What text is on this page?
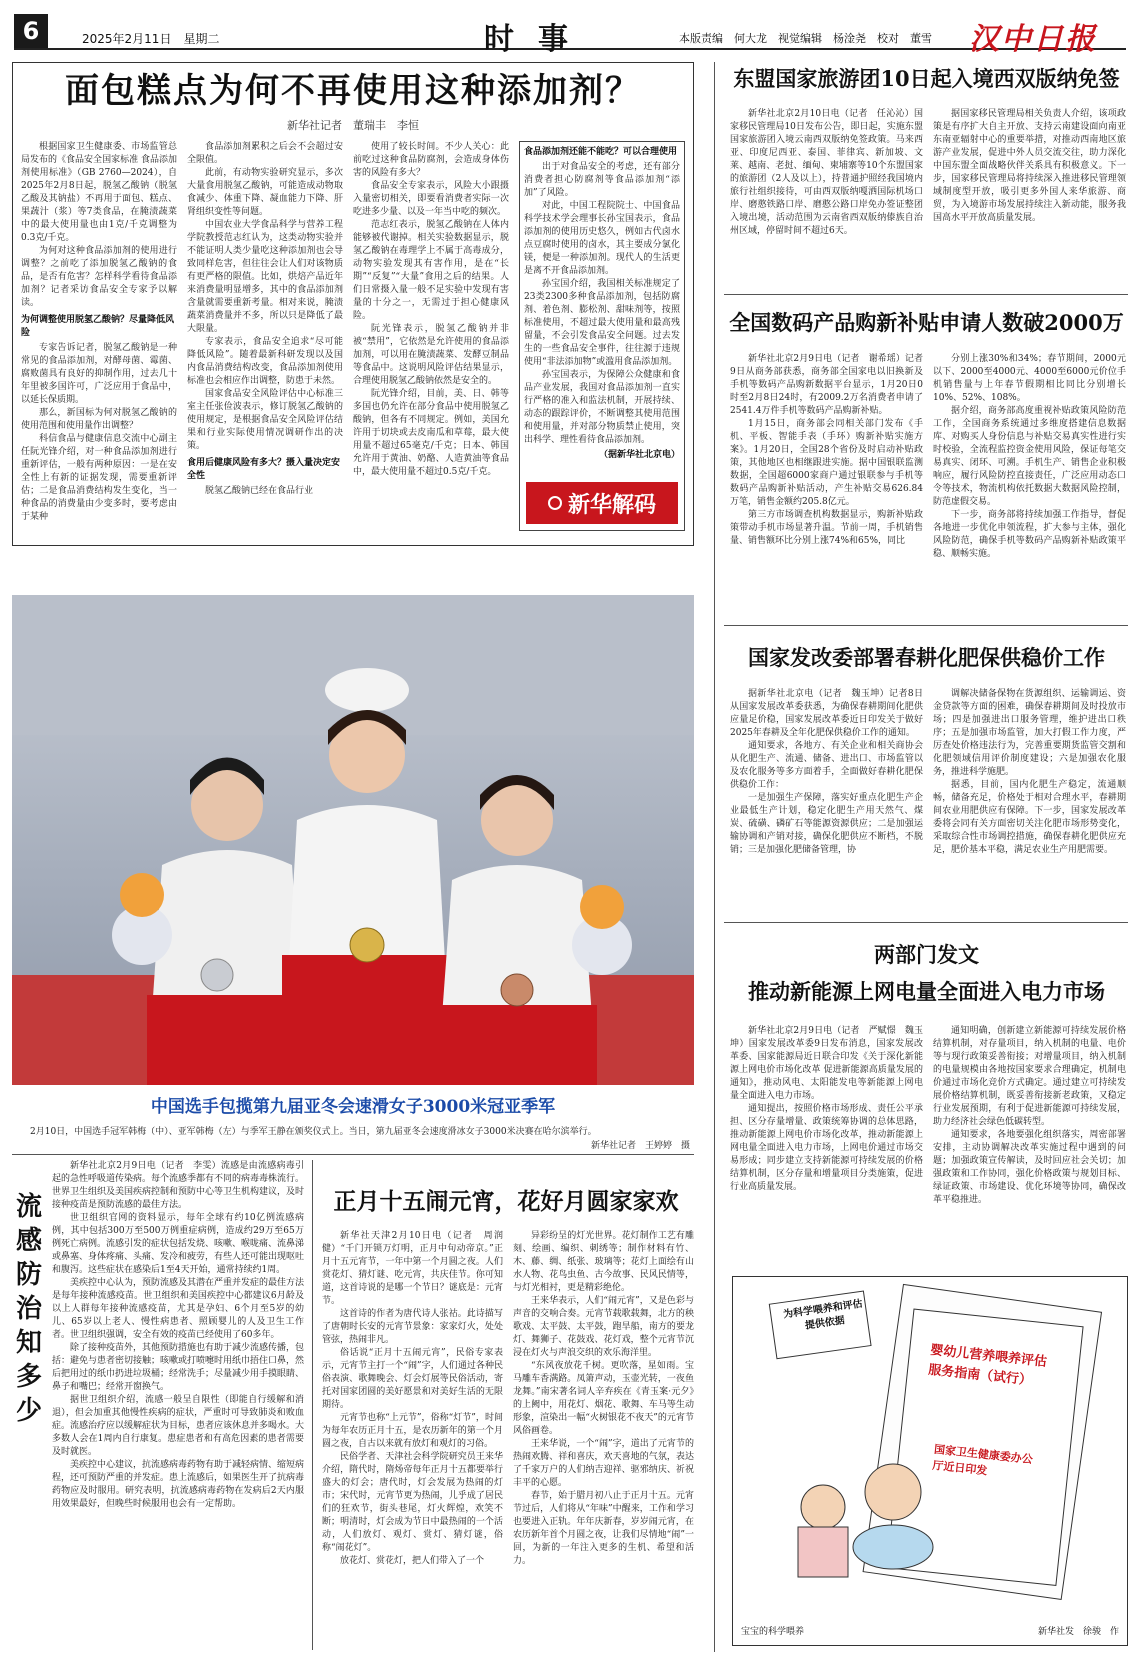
6	2025年2月11日　星期二	时事	本版责编　何大龙　视觉编辑　杨淦尧　校对　董雪 汉中日报
面包糕点为何不再使用这种添加剂？
新华社记者　董瑞丰　李恒

根据国家卫生健康委、市场监管总局发布的《食品安全国家标准 食品添加剂使用标准》（GB 2760—2024），自2025年2月8日起，脱氢乙酸钠（脱氢乙酸及其钠盐）不再用于面包、糕点、果蔬汁（浆）等7类食品，在腌渍蔬菜中的最大使用量也由1克/千克调整为0.3克/千克。

为何对这种食品添加剂的使用进行调整？之前吃了添加脱氢乙酸钠的食品，是否有危害？怎样科学看待食品添加剂？记者采访食品安全专家予以解读。

为何调整使用脱氢乙酸钠？尽量降低风险

专家告诉记者，脱氢乙酸钠是一种常见的食品添加剂，对酵母菌、霉菌、腐败菌具有良好的抑制作用，过去几十年里被多国许可，广泛应用于食品中，以延长保质期。

那么，新国标为何对脱氢乙酸钠的使用范围和使用量作出调整？

科信食品与健康信息交流中心副主任阮光锋介绍，对一种食品添加剂进行重新评估，一般有两种原因：一是在安全性上有新的证据发现，需要重新评估；二是食品消费结构发生变化，当一种食品的消费量由少变多时，要考虑由于某种

食品添加剂累积之后会不会超过安全限值。

此前，有动物实验研究显示，多次大量食用脱氢乙酸钠，可能造成动物取食减少、体重下降、凝血能力下降、肝肾组织变性等问题。

中国农业大学食品科学与营养工程学院教授范志红认为，这类动物实验并不能证明人类少量吃这种添加剂也会导致同样危害，但往往会让人们对该物质有更严格的限值。比如，烘焙产品近年来消费量明显增多，其中的食品添加剂含量就需要重新考量。相对来说，腌渍蔬菜消费量并不多，所以只是降低了最大限量。

专家表示，食品安全追求“尽可能降低风险”。随着最新科研发现以及国内食品消费结构改变，食品添加剂使用标准也会相应作出调整，防患于未然。

国家食品安全风险评估中心标准三室主任张俭波表示，修订脱氢乙酸钠的使用规定，是根据食品安全风险评估结果和行业实际使用情况调研作出的决策。

食用后健康风险有多大？摄入量决定安全性

脱氢乙酸钠已经在食品行业

使用了较长时间。不少人关心：此前吃过这种食品防腐剂，会造成身体伤害的风险有多大？

食品安全专家表示，风险大小跟摄入量密切相关，即要看消费者实际一次吃进多少量、以及一年当中吃的频次。

范志红表示，脱氢乙酸钠在人体内能够被代谢掉。相关实验数据显示，脱氢乙酸钠在毒理学上不属于高毒成分，动物实验发现其有害作用，是在“长期”“反复”“大量”食用之后的结果。人们日常摄入量一般不足实验中发现有害量的十分之一，无需过于担心健康风险。

阮光锋表示，脱氢乙酸钠并非被“禁用”，它依然是允许使用的食品添加剂，可以用在腌渍蔬菜、发酵豆制品等食品中。这说明风险评估结果显示，合理使用脱氢乙酸钠依然是安全的。

阮光锋介绍，目前，美、日、韩等多国也仍允许在部分食品中使用脱氢乙酸钠，但各有不同规定。例如，美国允许用于切块或去皮南瓜和草莓，最大使用量不超过65毫克/千克；日本、韩国允许用于黄油、奶酪、人造黄油等食品中，最大使用量不超过0.5克/千克。

食品添加剂还能不能吃？可以合理使用

出于对食品安全的考虑，还有部分消费者担心防腐剂等食品添加剂“添加”了风险。

对此，中国工程院院士、中国食品科学技术学会理事长孙宝国表示，食品添加剂的使用历史悠久，例如古代卤水点豆腐时使用的卤水，其主要成分氯化镁，便是一种添加剂。现代人的生活更是离不开食品添加剂。

孙宝国介绍，我国相关标准规定了23类2300多种食品添加剂，包括防腐剂、着色剂、膨松剂、甜味剂等，按照标准使用，不超过最大使用量和最高残留量，不会引发食品安全问题。过去发生的一些食品安全事件，往往源于违规使用“非法添加物”或滥用食品添加剂。

孙宝国表示，为保障公众健康和食品产业发展，我国对食品添加剂一直实行严格的准入和监法机制，开展持续、动态的跟踪评价，不断调整其使用范围和使用量，并对部分物质禁止使用，突出科学、理性看待食品添加剂。

（据新华社北京电）
新华解码
中国选手包揽第九届亚冬会速滑女子3000米冠亚季军
2月10日，中国选手冠军韩梅（中）、亚军韩梅（左）与季军王静在颁奖仪式上。当日，第九届亚冬会速度滑冰女子3000米决赛在哈尔滨举行。
新华社记者　王婷婷　摄
流感防治知多少

新华社北京2月9日电（记者　李雯）流感是由流感病毒引起的急性呼吸道传染病。每个流感季都有不同的病毒毒株流行。世界卫生组织及美国疾病控制和预防中心等卫生机构建议，及时接种疫苗是预防流感的最佳方法。

世卫组织官网的资料显示，每年全球有约10亿例流感病例，其中包括300万至500万例重症病例，造成约29万至65万例死亡病例。流感引发的症状包括发烧、咳嗽、喉咙痛、流鼻涕或鼻塞、身体疼痛、头痛、发冷和疲劳，有些人还可能出现呕吐和腹泻。这些症状在感染后1至4天开始，通常持续约1周。

美疾控中心认为，预防流感及其潜在严重并发症的最佳方法是每年接种流感疫苗。世卫组织和美国疾控中心都建议6月龄及以上人群每年接种流感疫苗，尤其是孕妇、6个月至5岁的幼儿、65岁以上老人、慢性病患者、照顾婴儿的人及卫生工作者。世卫组织强调，安全有效的疫苗已经使用了60多年。

除了接种疫苗外，其他预防措施也有助于减少流感传播，包括：避免与患者密切接触；咳嗽或打喷嚏时用纸巾捂住口鼻，然后把用过的纸巾扔进垃圾桶；经常洗手；尽量减少用手摸眼睛、鼻子和嘴巴；经常开窗换气。

据世卫组织介绍，流感一般呈自限性（即能自行缓解和消退），但会加重其他慢性疾病的症状，严重时可导致肺炎和败血症。流感治疗应以缓解症状为目标，患者应该休息并多喝水。大多数人会在1周内自行康复。患症患者和有高危因素的患者需要及时就医。

美疾控中心建议，抗流感病毒药物有助于减轻病情、缩短病程，还可预防严重的并发症。患上流感后，如果医生开了抗病毒药物应及时服用。研究表明，抗流感病毒药物在发病后2天内服用效果最好，但晚些时候服用也会有一定帮助。

正月十五闹元宵，花好月圆家家欢

新华社天津2月10日电（记者　周润健）“千门开锁万灯明，正月中旬动帝京。”正月十五元宵节，一年中第一个月圆之夜。人们赏花灯、猜灯谜、吃元宵，共庆佳节。你可知道，这首诗说的是哪一个节日？谜底是：元宵节。

这首诗的作者为唐代诗人张祜。此诗描写了唐朝时长安的元宵节景象：家家灯火，处处管弦，热闹非凡。

俗话说“正月十五闹元宵”，民俗专家表示，元宵节主打一个“闹”字，人们通过各种民俗表演、歌舞晚会、灯会灯展等民俗活动，寄托对国家团圆的美好愿景和对美好生活的无限期待。

元宵节也称“上元节”，俗称“灯节”，时间为每年农历正月十五，是农历新年的第一个月圆之夜，自古以来就有放灯和观灯的习俗。

民俗学者、天津社会科学院研究员王来华介绍，隋代时，隋炀帝每年正月十五都要举行盛大的灯会；唐代时，灯会发展为热闹的灯市；宋代时，元宵节更为热闹，儿乎成了居民们的狂欢节，街头巷尾，灯火辉煌，欢笑不断；明清时，灯会成为节日中最热闹的一个活动，人们放灯、观灯、赏灯、猜灯谜，俗称“闹花灯”。

放花灯、赏花灯，把人们带入了一个

异彩纷呈的灯光世界。花灯制作工艺有雕刻、绘画、编织、刺绣等；制作材料有竹、木、藤、绸、纸张、玻璃等；花灯上面绘有山水人物、花鸟虫鱼、古今故事、民风民情等，与灯光相衬，更是精彩绝伦。

王来华表示，人们“闹元宵”，又是色彩与声音的交响合奏。元宵节载歌载舞，北方的秧歌戏、太平鼓、太平鼓，跑旱船，南方的要龙灯、舞狮子、花鼓戏、花灯戏，整个元宵节沉浸在灯火与声浪交织的欢乐海洋里。

“东风夜放花千树。更吹落，星如雨。宝马雕车香满路。凤箫声动，玉壶光转，一夜鱼龙舞。”南宋著名词人辛弃疾在《青玉案·元夕》的上阙中，用花灯、烟花、歌舞、车马等生动形象，渲染出一幅“火树银花不夜天”的元宵节风俗画卷。

王来华说，一个“闹”字，道出了元宵节的热闹欢腾、祥和喜庆，欢天喜地的气氛，表达了千家万户的人们纳吉迎祥、驱邪纳庆、祈祝丰平的心愿。

春节，始于腊月初八止于正月十五。元宵节过后，人们将从“年味”中醒来，工作和学习也要进入正轨。年年庆新春，岁岁闹元宵，在农历新年首个月圆之夜，让我们尽情地“闹”一回，为新的一年注入更多的生机、希望和活力。

东盟国家旅游团10日起入境西双版纳免签

新华社北京2月10日电（记者　任沁沁）国家移民管理局10日发布公告，即日起，实施东盟国家旅游团入境云南西双版纳免签政策。马来西亚、印度尼西亚、泰国、菲律宾、新加坡、文莱、越南、老挝、缅甸、柬埔寨等10个东盟国家的旅游团（2人及以上），持普通护照经我国境内旅行社组织接待，可由西双版纳嘎洒国际机场口岸、磨憨铁路口岸、磨憨公路口岸免办签证整团入境出境，活动范围为云南省西双版纳傣族自治州区域，停留时间不超过6天。

据国家移民管理局相关负责人介绍，该项政策是有序扩大自主开放、支持云南建设面向南亚东南亚辐射中心的重要举措，对推动西南地区旅游产业发展，促进中外人员交流交往，助力深化中国东盟全面战略伙伴关系具有积极意义。下一步，国家移民管理局将持续深入推进移民管理领域制度型开放，吸引更多外国人来华旅游、商贸，为入境游市场发展持续注入新动能，服务我国高水平开放高质量发展。

全国数码产品购新补贴申请人数破2000万

新华社北京2月9日电（记者　谢希瑶）记者9日从商务部获悉，商务部全国家电以旧换新及手机等数码产品购新数据平台显示，1月20日0时至2月8日24时，有2009.2万名消费者申请了2541.4万件手机等数码产品购新补贴。

1月15日，商务部会同相关部门发布《手机、平板、智能手表（手环）购新补贴实施方案》。1月20日，全国28个省份及时启动补贴政策，其他地区也相继跟进实施。据中国银联监测数据，全国超6000家商户通过银联参与手机等数码产品购新补贴活动，产生补贴交易626.84万笔，销售金额约205.8亿元。

第三方市场调查机构数据显示，购新补贴政策带动手机市场显著升温。节前一周，手机销售量、销售额环比分别上涨74%和65%，同比

分别上涨30%和34%；春节期间，2000元以下、2000至4000元、4000至6000元价位手机销售量与上年春节假期相比同比分别增长10%、52%、108%。

据介绍，商务部高度重视补贴政策风险防范工作，全国商务系统通过多维度搭建信息数据库、对购买人身份信息与补贴交易真实性进行实时校验，全流程监控资金使用风险，保证每笔交易真实、闭环、可溯。手机生产、销售企业积极响应，履行风险防控直接责任，广泛应用动态口令等技术，物流机构依托数据大数据风险控制，防范虚假交易。

下一步，商务部将持续加强工作指导，督促各地进一步优化申领流程，扩大参与主体，强化风险防范，确保手机等数码产品购新补贴政策平稳、顺畅实施。

国家发改委部署春耕化肥保供稳价工作

据新华社北京电（记者　魏玉坤）记者8日从国家发展改革委获悉，为确保春耕期间化肥供应量足价稳，国家发展改革委近日印发关于做好2025年春耕及全年化肥保供稳价工作的通知。

通知要求，各地方、有关企业和相关商协会从化肥生产、流通、储备、进出口、市场监管以及农化服务等多方面着手，全面做好春耕化肥保供稳价工作：

一是加强生产保障，落实好重点化肥生产企业最低生产计划，稳定化肥生产用天然气、煤炭、硫磺、磷矿石等能源资源供应；二是加强运输协调和产销对接，确保化肥供应不断档，不脱销；三是加强化肥储备管理，协

调解决储备保物在货源组织、运输调运、资金贷款等方面的困难，确保春耕期间及时投放市场；四是加强进出口服务管理，维护进出口秩序；五是加强市场监管，加大打假工作力度，严厉查处价格违法行为，完善重要期货监管交割和化肥领域信用评价制度建设；六是加强农化服务，推进科学施肥。

据悉，目前，国内化肥生产稳定，流通顺畅，储备充足，价格处于相对合理水平，春耕期间农业用肥供应有保障。下一步，国家发展改革委将会同有关方面密切关注化肥市场形势变化，采取综合性市场调控措施，确保春耕化肥供应充足，肥价基本平稳，满足农业生产用肥需要。

两部门发文
推动新能源上网电量全面进入电力市场

新华社北京2月9日电（记者　严赋憬　魏玉坤）国家发展改革委9日发布消息，国家发展改革委、国家能源局近日联合印发《关于深化新能源上网电价市场化改革 促进新能源高质量发展的通知》，推动风电、太阳能发电等新能源上网电量全面进入电力市场。

通知提出，按照价格市场形成、责任公平承担、区分存量增量、政策统筹协调的总体思路，推动新能源上网电价市场化改革，推动新能源上网电量全面进入电力市场，上网电价通过市场交易形成；同步建立支持新能源可持续发展的价格结算机制，区分存量和增量项目分类施策，促进行业高质量发展。

通知明确，创新建立新能源可持续发展价格结算机制，对存量项目，纳入机制的电量、电价等与现行政策妥善衔接；对增量项目，纳入机制的电量规模由各地按国家要求合理确定，机制电价通过市场化竞价方式确定。通过建立可持续发展价格结算机制，既妥善衔接新老政策，又稳定行业发展预期，有利于促进新能源可持续发展，助力经济社会绿色低碳转型。

通知要求，各地要强化组织落实，周密部署安排，主动协调解决改革实施过程中遇到的问题；加强政策宣传解读，及时回应社会关切；加强政策和工作协同，强化价格政策与规划目标、绿证政策、市场建设、优化环境等协同，确保改革平稳推进。

为科学喂养和评估提供依据
婴幼儿营养喂养评估服务指南（试行）
国家卫生健康委办公厅近日印发
宝宝的科学喂养	新华社发　徐骏　作
